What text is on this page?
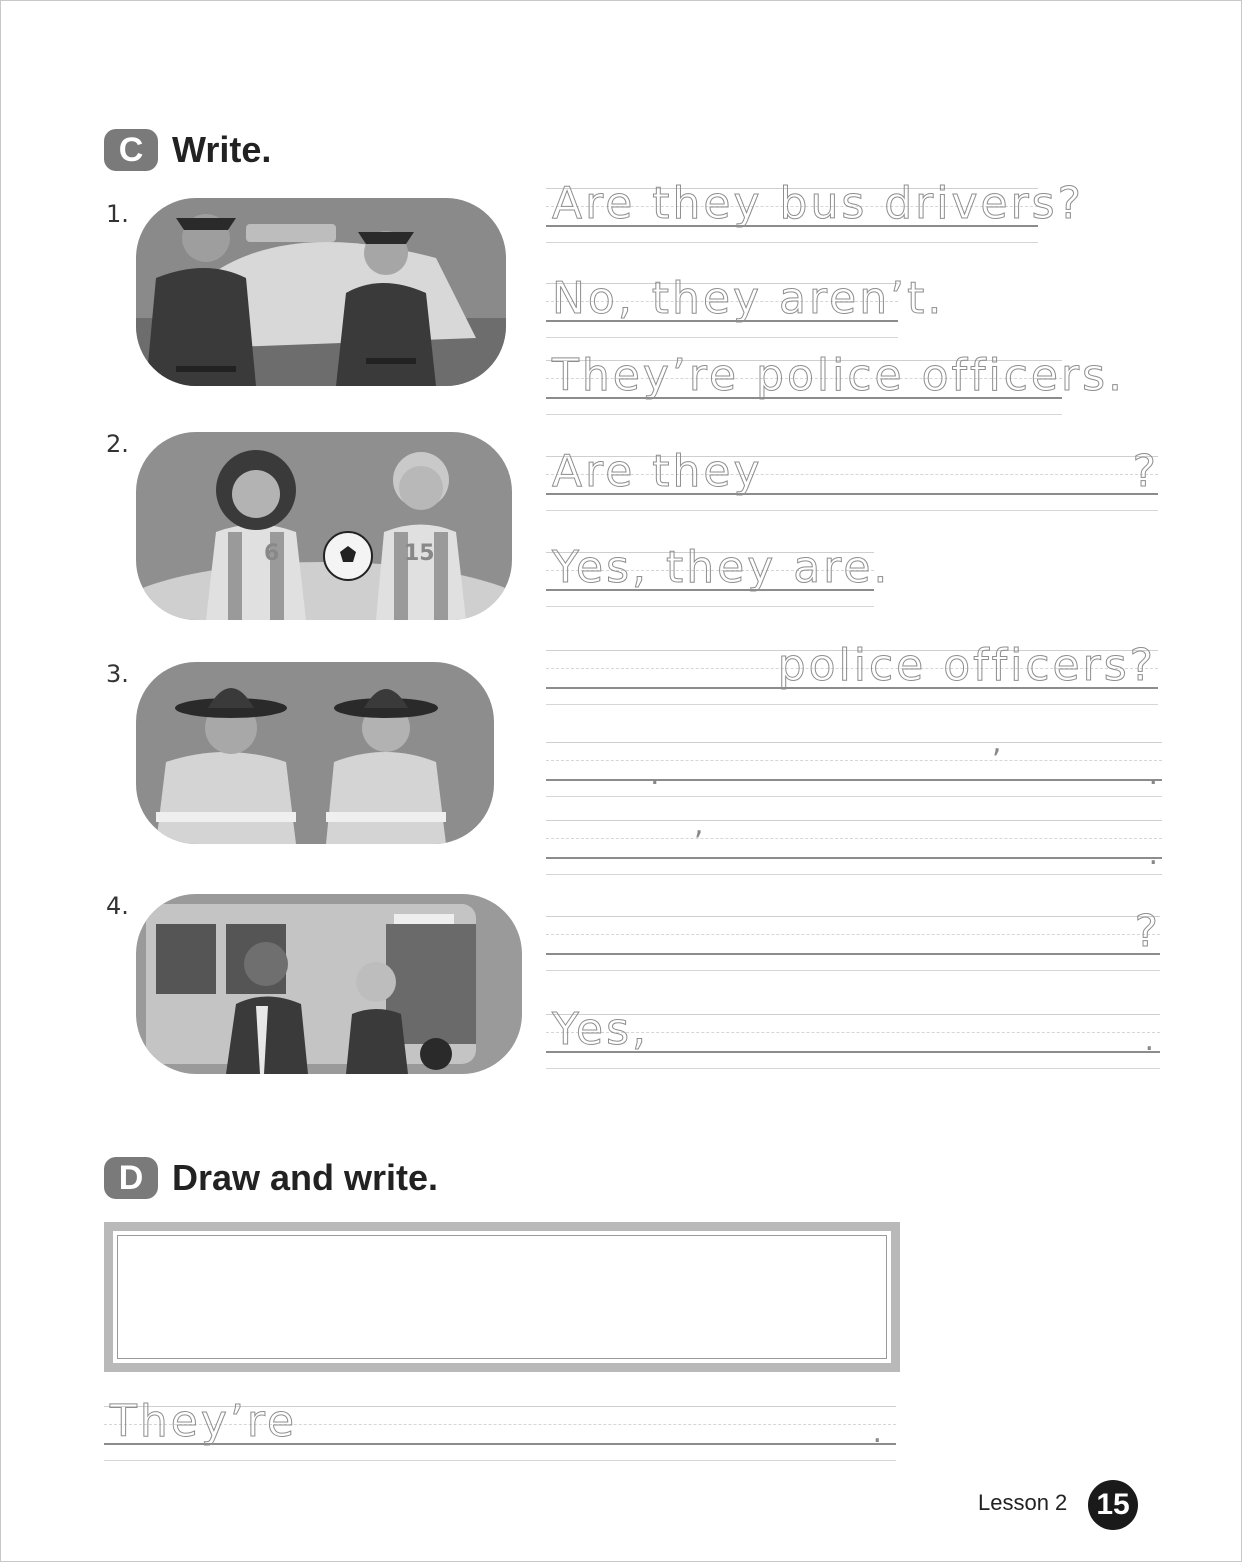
C Write.
1.	Are they bus drivers?
No, they aren’t.
They’re police officers.
2.
6	15
Are they	?
Yes, they are.
3.	police officers?
,
.	.
,
.
4.	?
Yes,	.
D Draw and write.
They’re	.
Lesson 2 15
